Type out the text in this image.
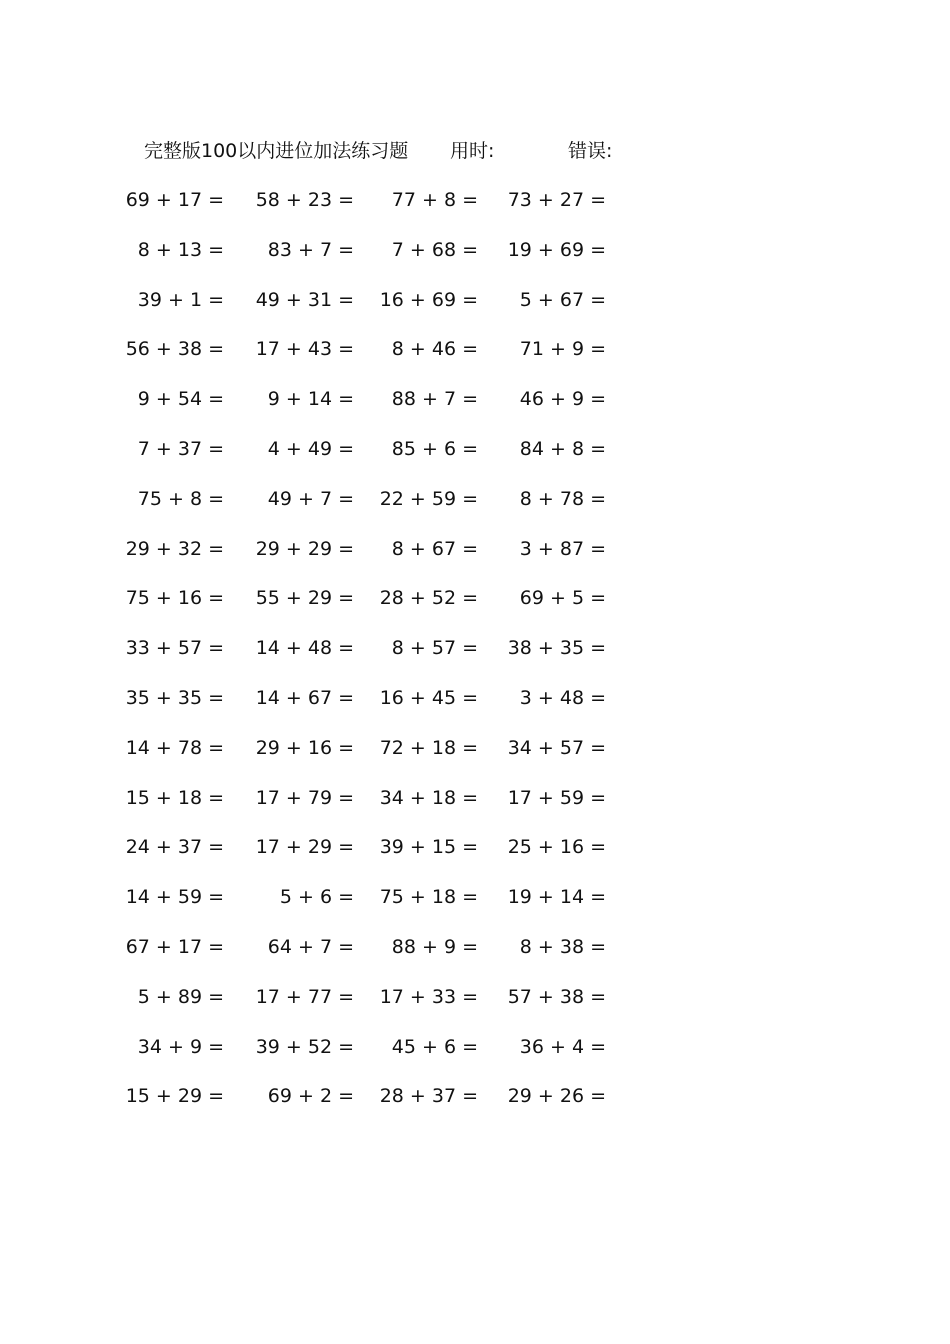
完整版100以内进位加法练习题 用时:	错误:
69 + 17 = 58 + 23 = 77 + 8 = 73 + 27 =
8 + 13 = 83 + 7 = 7 + 68 = 19 + 69 =
39 + 1 = 49 + 31 = 16 + 69 = 5 + 67 =
56 + 38 = 17 + 43 = 8 + 46 = 71 + 9 =
9 + 54 = 9 + 14 = 88 + 7 = 46 + 9 =
7 + 37 = 4 + 49 = 85 + 6 = 84 + 8 =
75 + 8 = 49 + 7 = 22 + 59 = 8 + 78 =
29 + 32 = 29 + 29 = 8 + 67 = 3 + 87 =
75 + 16 = 55 + 29 = 28 + 52 = 69 + 5 =
33 + 57 = 14 + 48 = 8 + 57 = 38 + 35 =
35 + 35 = 14 + 67 = 16 + 45 = 3 + 48 =
14 + 78 = 29 + 16 = 72 + 18 = 34 + 57 =
15 + 18 = 17 + 79 = 34 + 18 = 17 + 59 =
24 + 37 = 17 + 29 = 39 + 15 = 25 + 16 =
14 + 59 =	5 + 6 = 75 + 18 = 19 + 14 =
67 + 17 = 64 + 7 = 88 + 9 = 8 + 38 =
5 + 89 = 17 + 77 = 17 + 33 = 57 + 38 =
34 + 9 = 39 + 52 = 45 + 6 = 36 + 4 =
15 + 29 = 69 + 2 = 28 + 37 = 29 + 26 =
